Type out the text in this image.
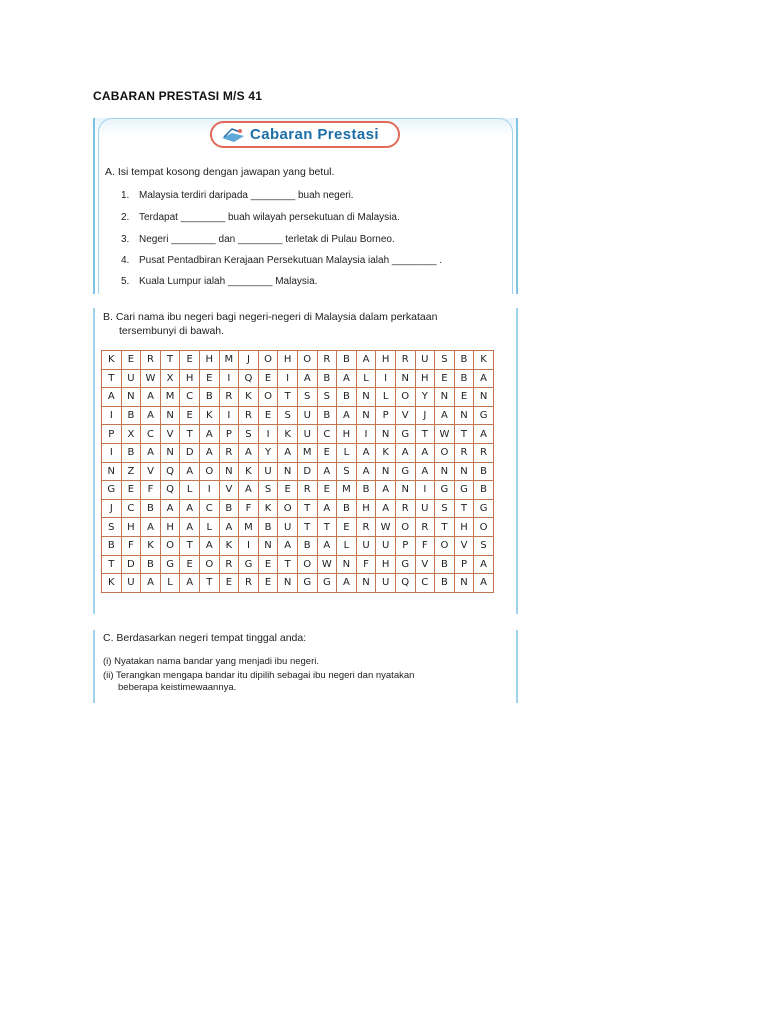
CABARAN PRESTASI M/S 41
Cabaran Prestasi
A. Isi tempat kosong dengan jawapan yang betul.
1. Malaysia terdiri daripada ________ buah negeri.
2. Terdapat ________ buah wilayah persekutuan di Malaysia.
3. Negeri ________ dan ________ terletak di Pulau Borneo.
4. Pusat Pentadbiran Kerajaan Persekutuan Malaysia ialah ________ .
5. Kuala Lumpur ialah ________ Malaysia.
B. Cari nama ibu negeri bagi negeri-negeri di Malaysia dalam perkataan
tersembunyi di bawah.
K	E	R	T	E	H	M	J	O	H	O	R	B	A	H	R	U	S	B	K
T	U	W	X	H	E	I	Q	E	I	A	B	A	L	I	N	H	E	B	A
A	N	A	M	C	B	R	K	O	T	S	S	B	N	L	O	Y	N	E	N
I	B	A	N	E	K	I	R	E	S	U	B	A	N	P	V	J	A	N	G
P	X	C	V	T	A	P	S	I	K	U	C	H	I	N	G	T	W	T	A
I	B	A	N	D	A	R	A	Y	A	M	E	L	A	K	A	A	O	R	R
N	Z	V	Q	A	O	N	K	U	N	D	A	S	A	N	G	A	N	N	B
G	E	F	Q	L	I	V	A	S	E	R	E	M	B	A	N	I	G	G	B
J	C	B	A	A	C	B	F	K	O	T	A	B	H	A	R	U	S	T	G
S	H	A	H	A	L	A	M	B	U	T	T	E	R	W	O	R	T	H	O
B	F	K	O	T	A	K	I	N	A	B	A	L	U	U	P	F	O	V	S
T	D	B	G	E	O	R	G	E	T	O	W	N	F	H	G	V	B	P	A
K	U	A	L	A	T	E	R	E	N	G	G	A	N	U	Q	C	B	N	A
C. Berdasarkan negeri tempat tinggal anda:
(i) Nyatakan nama bandar yang menjadi ibu negeri.
(ii) Terangkan mengapa bandar itu dipilih sebagai ibu negeri dan nyatakan
beberapa keistimewaannya.
